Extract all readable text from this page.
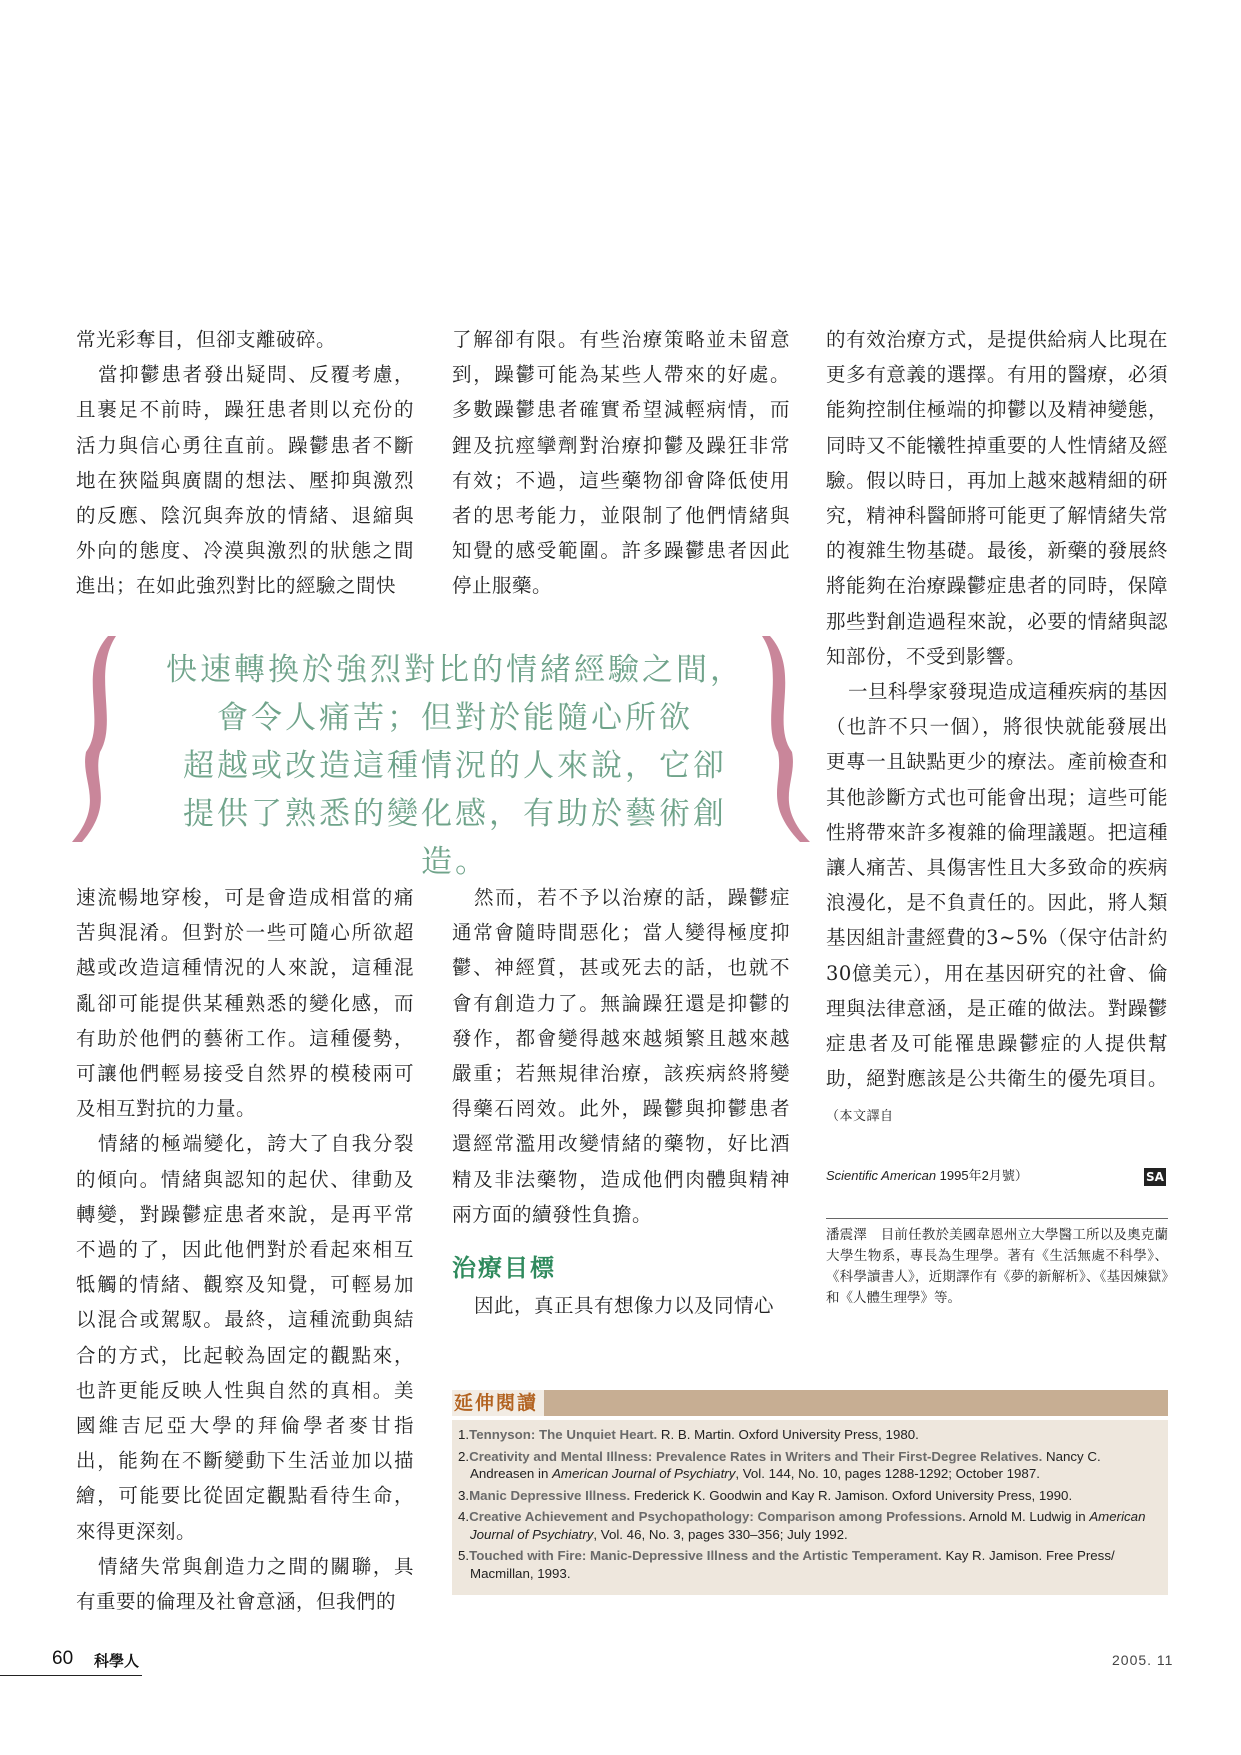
常光彩奪目，但卻支離破碎。

當抑鬱患者發出疑問、反覆考慮，且裹足不前時，躁狂患者則以充份的活力與信心勇往直前。躁鬱患者不斷地在狹隘與廣闊的想法、壓抑與激烈的反應、陰沉與奔放的情緒、退縮與外向的態度、冷漠與激烈的狀態之間進出；在如此強烈對比的經驗之間快

速流暢地穿梭，可是會造成相當的痛苦與混淆。但對於一些可隨心所欲超越或改造這種情況的人來說，這種混亂卻可能提供某種熟悉的變化感，而有助於他們的藝術工作。這種優勢，可讓他們輕易接受自然界的模稜兩可及相互對抗的力量。

情緒的極端變化，誇大了自我分裂的傾向。情緒與認知的起伏、律動及轉變，對躁鬱症患者來說，是再平常不過的了，因此他們對於看起來相互牴觸的情緒、觀察及知覺，可輕易加以混合或駕馭。最終，這種流動與結合的方式，比起較為固定的觀點來，也許更能反映人性與自然的真相。美國維吉尼亞大學的拜倫學者麥甘指出，能夠在不斷變動下生活並加以描繪，可能要比從固定觀點看待生命，來得更深刻。

情緒失常與創造力之間的關聯，具有重要的倫理及社會意涵，但我們的

了解卻有限。有些治療策略並未留意到，躁鬱可能為某些人帶來的好處。多數躁鬱患者確實希望減輕病情，而鋰及抗痙攣劑對治療抑鬱及躁狂非常有效；不過，這些藥物卻會降低使用者的思考能力，並限制了他們情緒與知覺的感受範圍。許多躁鬱患者因此停止服藥。

然而，若不予以治療的話，躁鬱症通常會隨時間惡化；當人變得極度抑鬱、神經質，甚或死去的話，也就不會有創造力了。無論躁狂還是抑鬱的發作，都會變得越來越頻繁且越來越嚴重；若無規律治療，該疾病終將變得藥石罔效。此外，躁鬱與抑鬱患者還經常濫用改變情緒的藥物，好比酒精及非法藥物，造成他們肉體與精神兩方面的續發性負擔。

治療目標

因此，真正具有想像力以及同情心

的有效治療方式，是提供給病人比現在更多有意義的選擇。有用的醫療，必須能夠控制住極端的抑鬱以及精神變態，同時又不能犧牲掉重要的人性情緒及經驗。假以時日，再加上越來越精細的研究，精神科醫師將可能更了解情緒失常的複雜生物基礎。最後，新藥的發展終將能夠在治療躁鬱症患者的同時，保障那些對創造過程來說，必要的情緒與認知部份，不受到影響。

一旦科學家發現造成這種疾病的基因（也許不只一個），將很快就能發展出更專一且缺點更少的療法。產前檢查和其他診斷方式也可能會出現；這些可能性將帶來許多複雜的倫理議題。把這種讓人痛苦、具傷害性且大多致命的疾病浪漫化，是不負責任的。因此，將人類基因組計畫經費的3~5%（保守估計約30億美元），用在基因研究的社會、倫理與法律意涵，是正確的做法。對躁鬱症患者及可能罹患躁鬱症的人提供幫助，絕對應該是公共衛生的優先項目。（本文譯自

快速轉換於強烈對比的情緒經驗之間，
會令人痛苦；但對於能隨心所欲
超越或改造這種情況的人來說，它卻
提供了熟悉的變化感，有助於藝術創造。
Scientific American 1995年2月號）	SA
潘震澤　目前任教於美國韋恩州立大學醫工所以及奧克蘭大學生物系，專長為生理學。著有《生活無處不科學》、《科學讀書人》，近期譯作有《夢的新解析》、《基因煉獄》和《人體生理學》等。
延伸閱讀
1.Tennyson: The Unquiet Heart. R. B. Martin. Oxford University Press, 1980.
2.Creativity and Mental Illness: Prevalence Rates in Writers and Their First-Degree Relatives. Nancy C. Andreasen in American Journal of Psychiatry, Vol. 144, No. 10, pages 1288-1292; October 1987.
3.Manic Depressive Illness. Frederick K. Goodwin and Kay R. Jamison. Oxford University Press, 1990.
4.Creative Achievement and Psychopathology: Comparison among Professions. Arnold M. Ludwig in American Journal of Psychiatry, Vol. 46, No. 3, pages 330–356; July 1992.
5.Touched with Fire: Manic-Depressive Illness and the Artistic Temperament. Kay R. Jamison. Free Press/ Macmillan, 1993.
60 科學人	2005. 11
